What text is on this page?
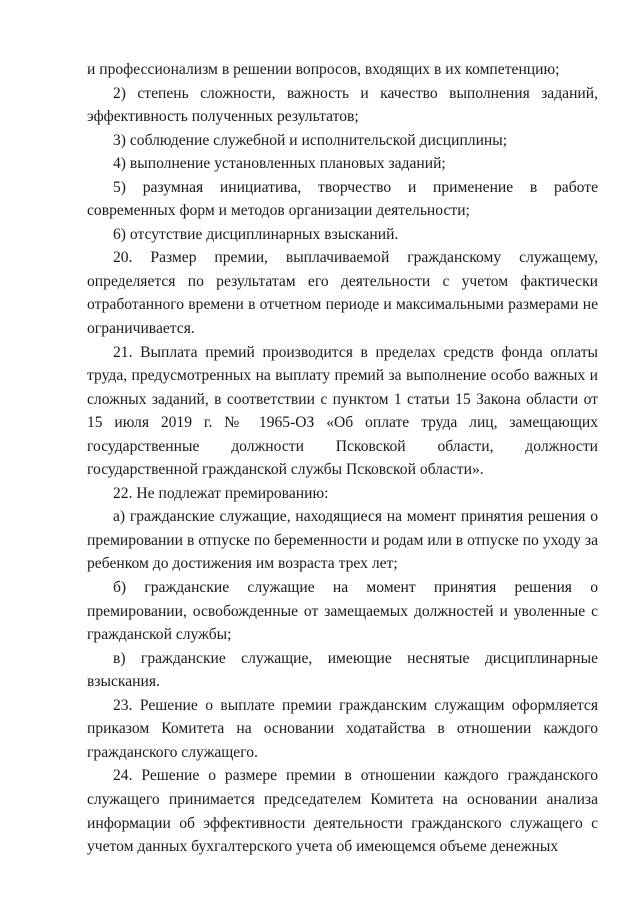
и профессионализм в решении вопросов, входящих в их компетенцию;

2) степень сложности, важность и качество выполнения заданий, эффективность полученных результатов;

3) соблюдение служебной и исполнительской дисциплины;

4) выполнение установленных плановых заданий;

5) разумная инициатива, творчество и применение в работе современных форм и методов организации деятельности;

6) отсутствие дисциплинарных взысканий.

20. Размер премии, выплачиваемой гражданскому служащему, определяется по результатам его деятельности с учетом фактически отработанного времени в отчетном периоде и максимальными размерами не ограничивается.

21. Выплата премий производится в пределах средств фонда оплаты труда, предусмотренных на выплату премий за выполнение особо важных и сложных заданий, в соответствии с пунктом 1 статьи 15 Закона области от 15 июля 2019 г. № 1965-ОЗ «Об оплате труда лиц, замещающих государственные должности Псковской области, должности государственной гражданской службы Псковской области».

22. Не подлежат премированию:

а) гражданские служащие, находящиеся на момент принятия решения о премировании в отпуске по беременности и родам или в отпуске по уходу за ребенком до достижения им возраста трех лет;

б) гражданские служащие на момент принятия решения о премировании, освобожденные от замещаемых должностей и уволенные с гражданской службы;

в) гражданские служащие, имеющие неснятые дисциплинарные взыскания.

23. Решение о выплате премии гражданским служащим оформляется приказом Комитета на основании ходатайства в отношении каждого гражданского служащего.

24. Решение о размере премии в отношении каждого гражданского служащего принимается председателем Комитета на основании анализа информации об эффективности деятельности гражданского служащего с учетом данных бухгалтерского учета об имеющемся объеме денежных
